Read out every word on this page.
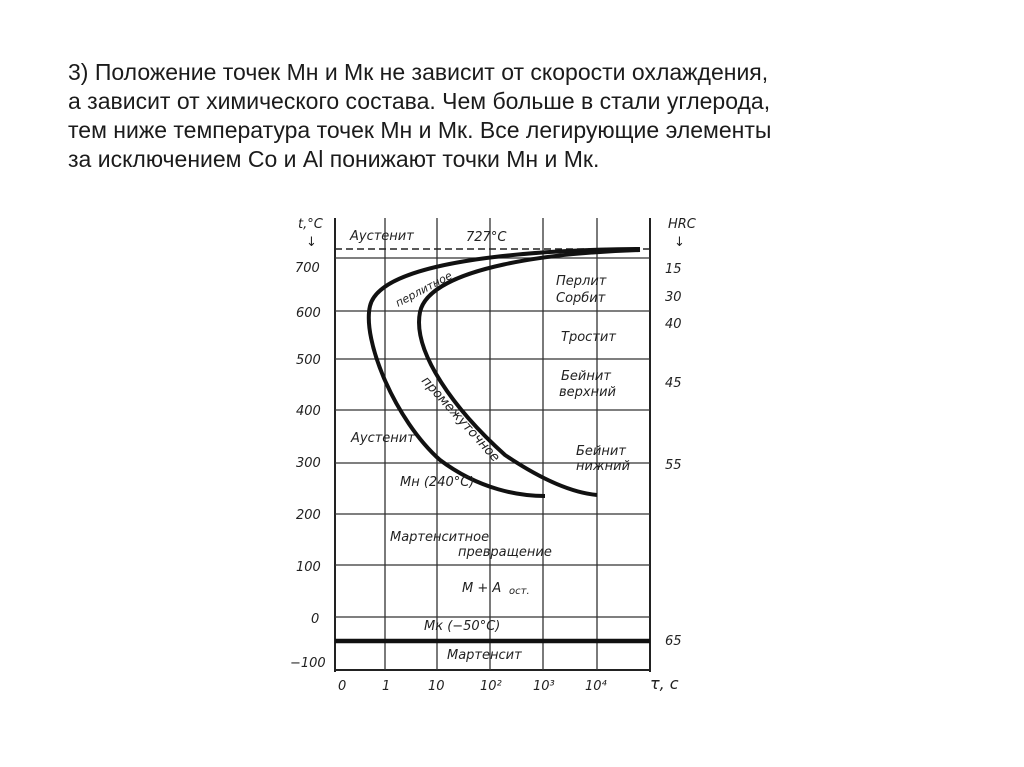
3) Положение точек Мн и Мк не зависит от скорости охлаждения,
а зависит от химического состава. Чем больше в стали углерода,
тем ниже температура точек Мн и Мк. Все легирующие элементы
за исключением Co и Al понижают точки Мн и Мк.
t,°C
↓
700
600
500
400
300
200
100
0
−100
HRC
↓
15
30
40
45
55
65
0	1	10	10² 10³ 10⁴	τ, c
Аустенит	727°C
Перлит
Сорбит
Тростит
Бейнит
верхний
Бейнит
нижний
Аустенит
Мн (240°C)
Мартенситное
превращение
М + А ост.
Мк (−50°C)
Мартенсит
перлитное
промежуточное
